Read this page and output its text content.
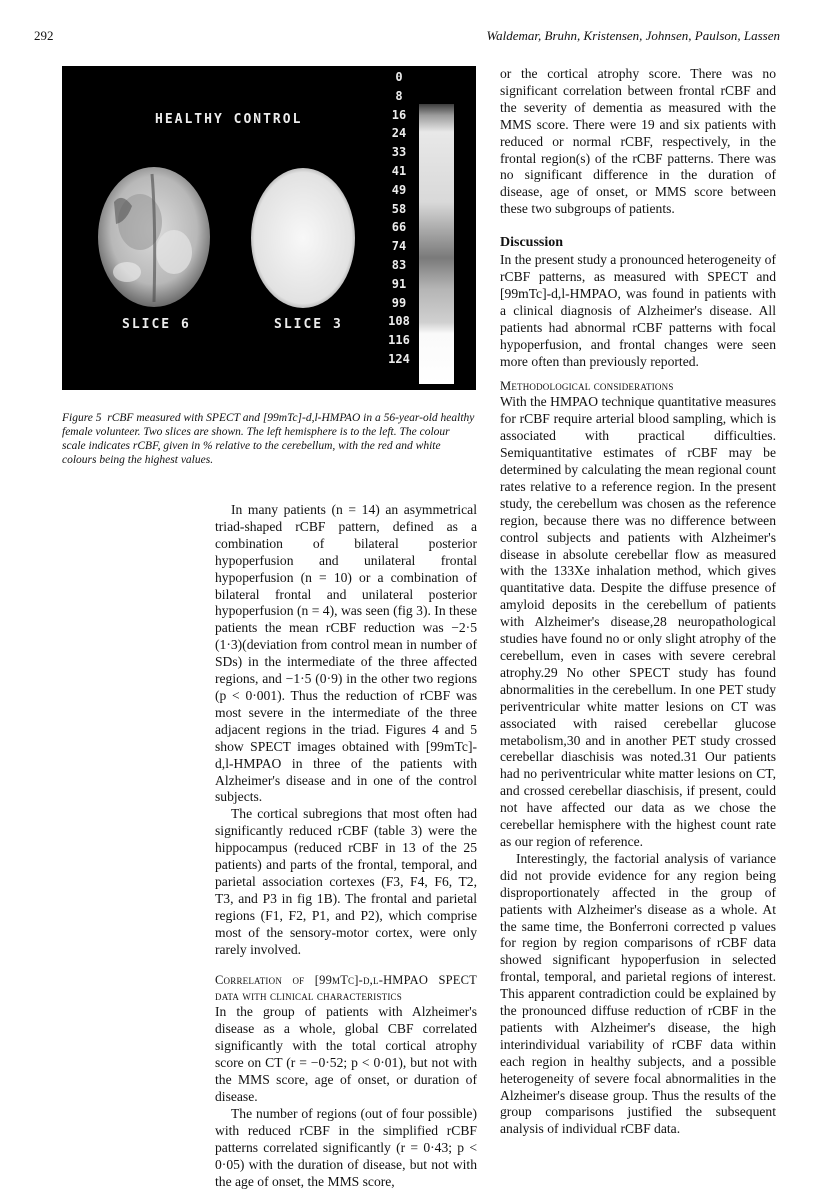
292	Waldemar, Bruhn, Kristensen, Johnsen, Paulson, Lassen
HEALTHY CONTROL
SLICE 6	SLICE 3
0
8
16
24
33
41
49
58
66
74
83
91
99
108
116
124
Figure 5 rCBF measured with SPECT and [99mTc]-d,l-HMPAO in a 56-year-old healthy female volunteer. Two slices are shown. The left hemisphere is to the left. The colour scale indicates rCBF, given in % relative to the cerebellum, with the red and white colours being the highest values.

In many patients (n = 14) an asymmetrical triad-shaped rCBF pattern, defined as a combination of bilateral posterior hypoperfusion and unilateral frontal hypoperfusion (n = 10) or a combination of bilateral frontal and unilateral posterior hypoperfusion (n = 4), was seen (fig 3). In these patients the mean rCBF reduction was −2·5 (1·3)(deviation from control mean in number of SDs) in the intermediate of the three affected regions, and −1·5 (0·9) in the other two regions (p < 0·001). Thus the reduction of rCBF was most severe in the intermediate of the three adjacent regions in the triad. Figures 4 and 5 show SPECT images obtained with [99mTc]-d,l-HMPAO in three of the patients with Alzheimer's disease and in one of the control subjects.

The cortical subregions that most often had significantly reduced rCBF (table 3) were the hippocampus (reduced rCBF in 13 of the 25 patients) and parts of the frontal, temporal, and parietal association cortexes (F3, F4, F6, T2, T3, and P3 in fig 1B). The frontal and parietal regions (F1, F2, P1, and P2), which comprise most of the sensory-motor cortex, were only rarely involved.

Correlation of [99mTc]-d,l-HMPAO SPECT data with clinical characteristics

In the group of patients with Alzheimer's disease as a whole, global CBF correlated significantly with the total cortical atrophy score on CT (r = −0·52; p < 0·01), but not with the MMS score, age of onset, or duration of disease.

The number of regions (out of four possible) with reduced rCBF in the simplified rCBF patterns correlated significantly (r = 0·43; p < 0·05) with the duration of disease, but not with the age of onset, the MMS score,

or the cortical atrophy score. There was no significant correlation between frontal rCBF and the severity of dementia as measured with the MMS score. There were 19 and six patients with reduced or normal rCBF, respectively, in the frontal region(s) of the rCBF patterns. There was no significant difference in the duration of disease, age of onset, or MMS score between these two subgroups of patients.

Discussion

In the present study a pronounced heterogeneity of rCBF patterns, as measured with SPECT and [99mTc]-d,l-HMPAO, was found in patients with a clinical diagnosis of Alzheimer's disease. All patients had abnormal rCBF patterns with focal hypoperfusion, and frontal changes were seen more often than previously reported.

Methodological considerations

With the HMPAO technique quantitative measures for rCBF require arterial blood sampling, which is associated with practical difficulties. Semiquantitative estimates of rCBF may be determined by calculating the mean regional count rates relative to a reference region. In the present study, the cerebellum was chosen as the reference region, because there was no difference between control subjects and patients with Alzheimer's disease in absolute cerebellar flow as measured with the 133Xe inhalation method, which gives quantitative data. Despite the diffuse presence of amyloid deposits in the cerebellum of patients with Alzheimer's disease,28 neuropathological studies have found no or only slight atrophy of the cerebellum, even in cases with severe cerebral atrophy.29 No other SPECT study has found abnormalities in the cerebellum. In one PET study periventricular white matter lesions on CT was associated with raised cerebellar glucose metabolism,30 and in another PET study crossed cerebellar diaschisis was noted.31 Our patients had no periventricular white matter lesions on CT, and crossed cerebellar diaschisis, if present, could not have affected our data as we chose the cerebellar hemisphere with the highest count rate as our region of reference.

Interestingly, the factorial analysis of variance did not provide evidence for any region being disproportionately affected in the group of patients with Alzheimer's disease as a whole. At the same time, the Bonferroni corrected p values for region by region comparisons of rCBF data showed significant hypoperfusion in selected frontal, temporal, and parietal regions of interest. This apparent contradiction could be explained by the pronounced diffuse reduction of rCBF in the patients with Alzheimer's disease, the high interindividual variability of rCBF data within each region in healthy subjects, and a possible heterogeneity of severe focal abnormalities in the Alzheimer's disease group. Thus the results of the group comparisons justified the subsequent analysis of individual rCBF data.
